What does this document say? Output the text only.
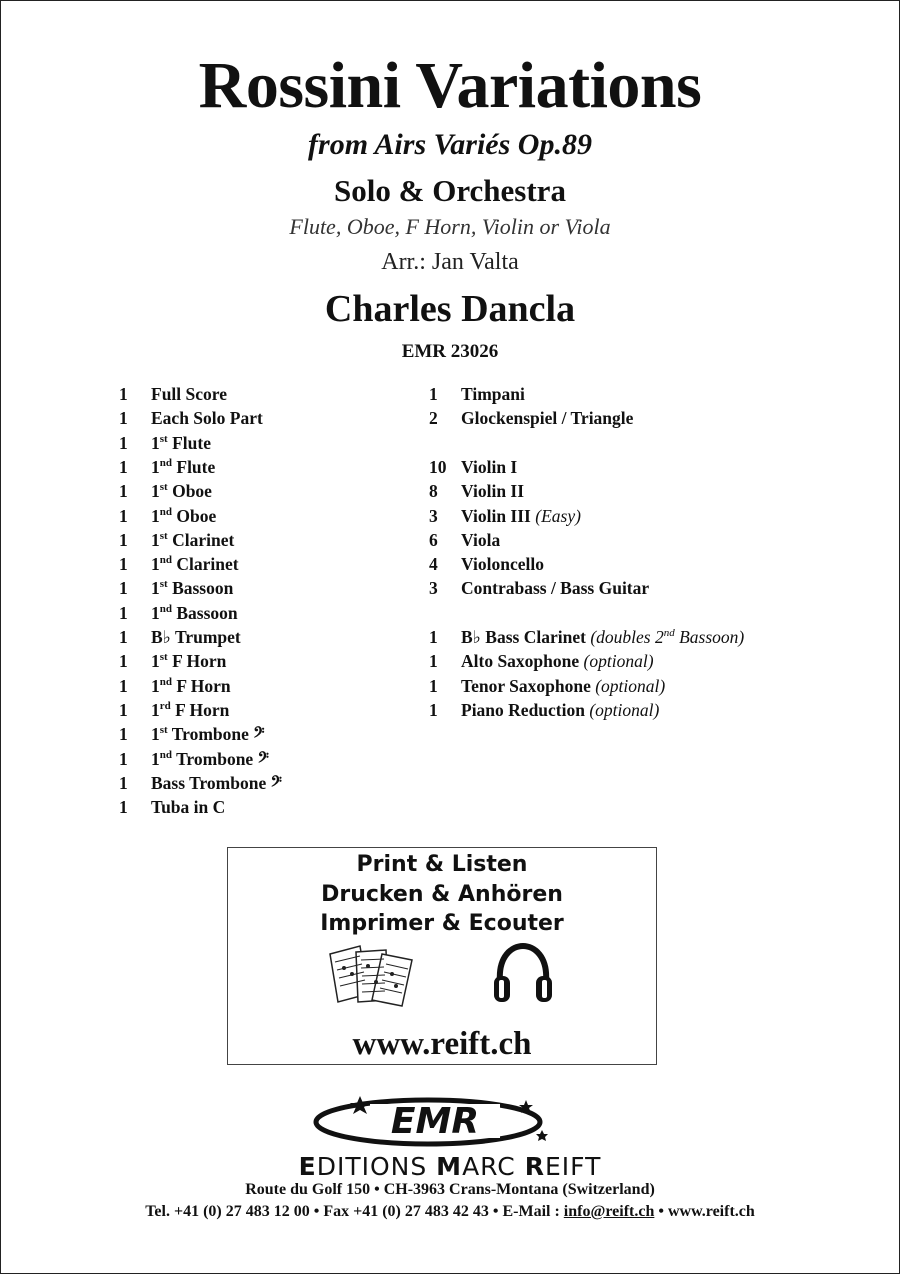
Rossini Variations
from Airs Variés Op.89
Solo & Orchestra
Flute, Oboe, F Horn, Violin or Viola
Arr.: Jan Valta
Charles Dancla
EMR 23026
1 Full Score
1 Each Solo Part
1 1st Flute
1 1nd Flute
1 1st Oboe
1 1nd Oboe
1 1st Clarinet
1 1nd Clarinet
1 1st Bassoon
1 1nd Bassoon
1 B♭ Trumpet
1 1st F Horn
1 1nd F Horn
1 1rd F Horn
1 1st Trombone 𝄢
1 1nd Trombone 𝄢
1 Bass Trombone 𝄢
1 Tuba in C
1 Timpani
2 Glockenspiel / Triangle
10 Violin I
8 Violin II
3 Violin III (Easy)
6 Viola
4 Violoncello
3 Contrabass / Bass Guitar
1 B♭ Bass Clarinet (doubles 2nd Bassoon)
1 Alto Saxophone (optional)
1 Tenor Saxophone (optional)
1 Piano Reduction (optional)
Print & Listen
Drucken & Anhören
Imprimer & Ecouter
www.reift.ch
EMR
EDITIONS MARC REIFT
Route du Golf 150 • CH-3963 Crans-Montana (Switzerland)
Tel. +41 (0) 27 483 12 00 • Fax +41 (0) 27 483 42 43 • E-Mail : info@reift.ch • www.reift.ch
